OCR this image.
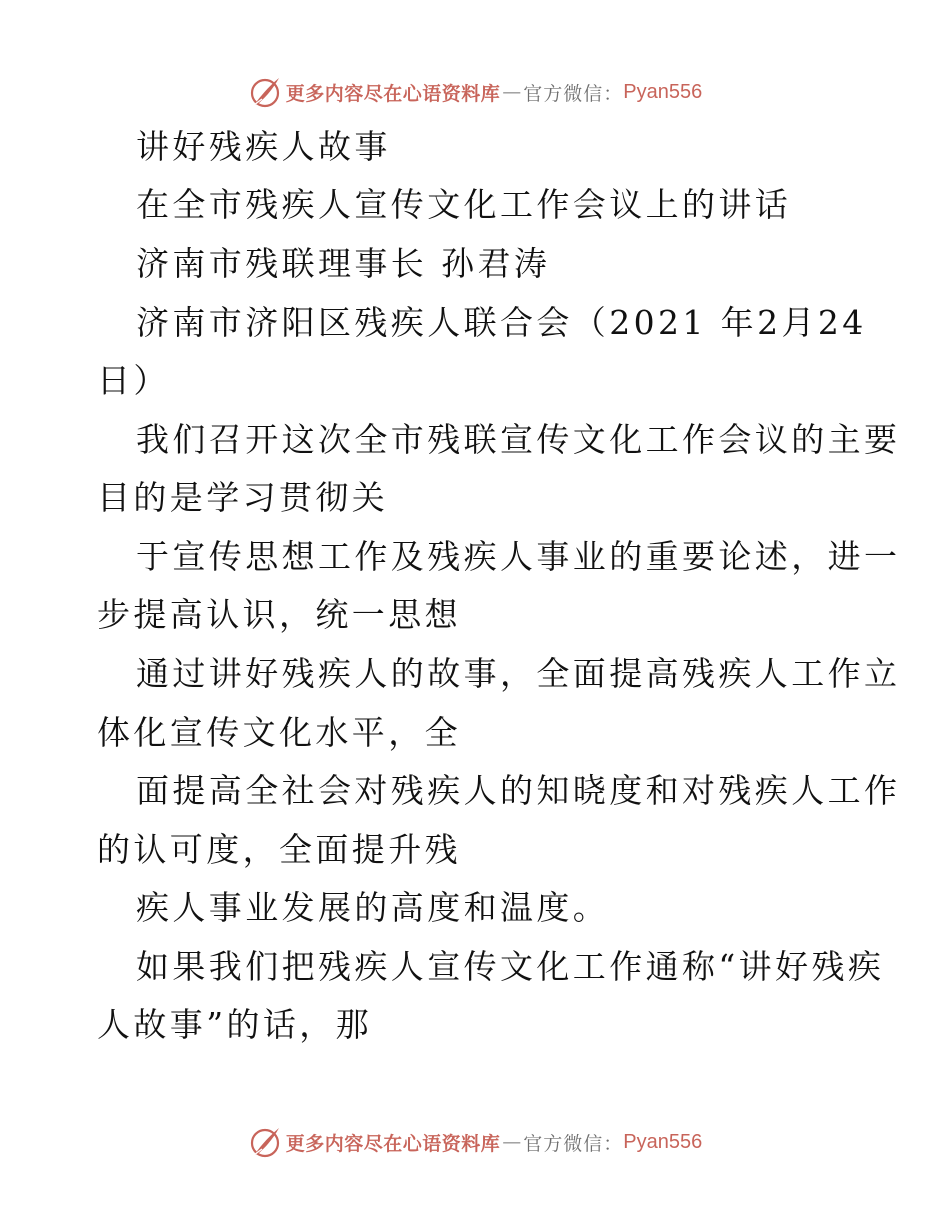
更多内容尽在心语资料库 — 官方微信： Pyan556
讲好残疾人故事
在全市残疾人宣传文化工作会议上的讲话
济南市残联理事长 孙君涛
济南市济阳区残疾人联合会（2021 年2月24
日）
我们召开这次全市残联宣传文化工作会议的主要
目的是学习贯彻关
于宣传思想工作及残疾人事业的重要论述，进一
步提高认识，统一思想
通过讲好残疾人的故事，全面提高残疾人工作立
体化宣传文化水平，全
面提高全社会对残疾人的知晓度和对残疾人工作
的认可度，全面提升残
疾人事业发展的高度和温度。
如果我们把残疾人宣传文化工作通称“讲好残疾
人故事”的话，那
更多内容尽在心语资料库 — 官方微信： Pyan556
